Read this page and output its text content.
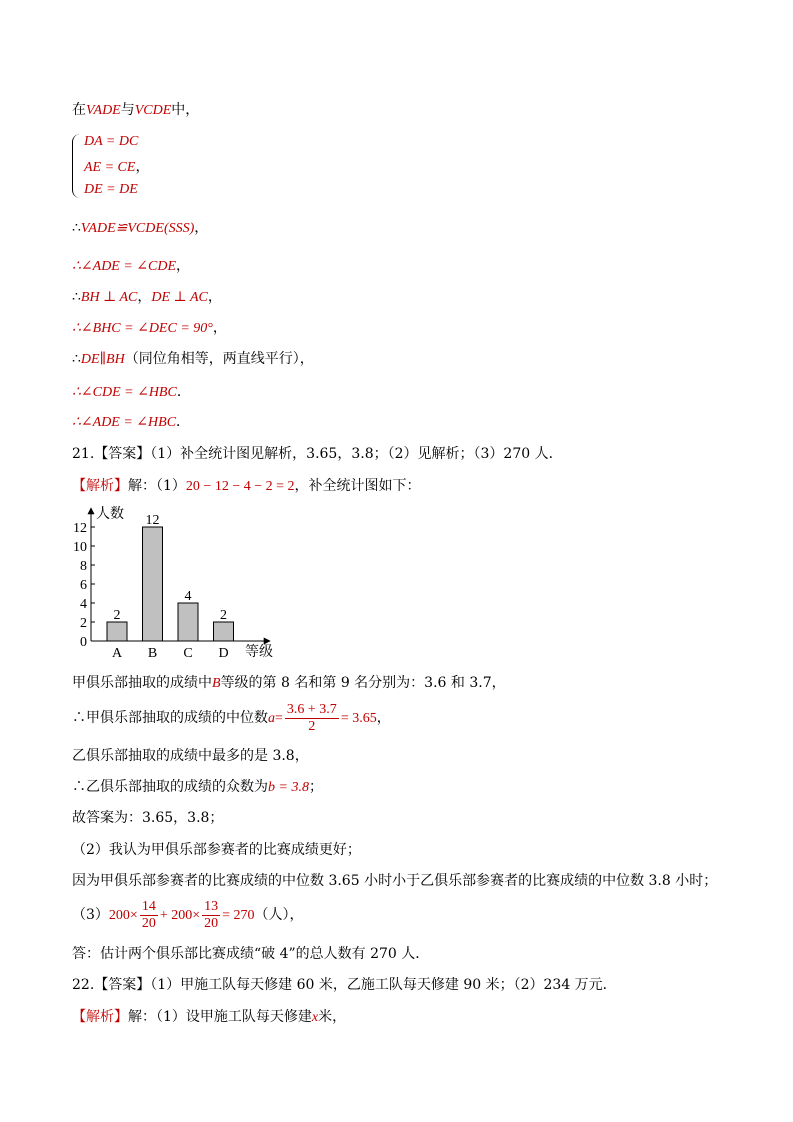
在VADE与VCDE中，
DA = DC
AE = CE，
DE = DE
∴VADE≌VCDE(SSS)，
∴∠ADE = ∠CDE，
∴BH ⊥ AC，DE ⊥ AC，
∴∠BHC = ∠DEC = 90°，
∴DE∥BH（同位角相等，两直线平行），
∴∠CDE = ∠HBC．
∴∠ADE = ∠HBC．
21.【答案】（1）补全统计图见解析，3.65，3.8；（2）见解析；（3）270 人．
【解析】解：（1）20 − 12 − 4 − 2 = 2，补全统计图如下：
0
2
4
6
8
10
12
2
A
12
B
4
C
2
D
人数
等级
甲俱乐部抽取的成绩中B等级的第 8 名和第 9 名分别为：3.6 和 3.7，
∴甲俱乐部抽取的成绩的中位数$a= \frac{3.6 + 3.7}{2} = 3.65$，
乙俱乐部抽取的成绩中最多的是 3.8，
∴乙俱乐部抽取的成绩的众数为b = 3.8；
故答案为：3.65，3.8；
（2）我认为甲俱乐部参赛者的比赛成绩更好；
因为甲俱乐部参赛者的比赛成绩的中位数 3.65 小时小于乙俱乐部参赛者的比赛成绩的中位数 3.8 小时；
$(3)200\times \frac{14}{20} + 200\times \frac{13}{20} = 270$（人），
答：估计两个俱乐部比赛成绩“破 4”的总人数有 270 人．
22.【答案】（1）甲施工队每天修建 60 米，乙施工队每天修建 90 米；（2）234 万元．
【解析】解：（1）设甲施工队每天修建x米，
